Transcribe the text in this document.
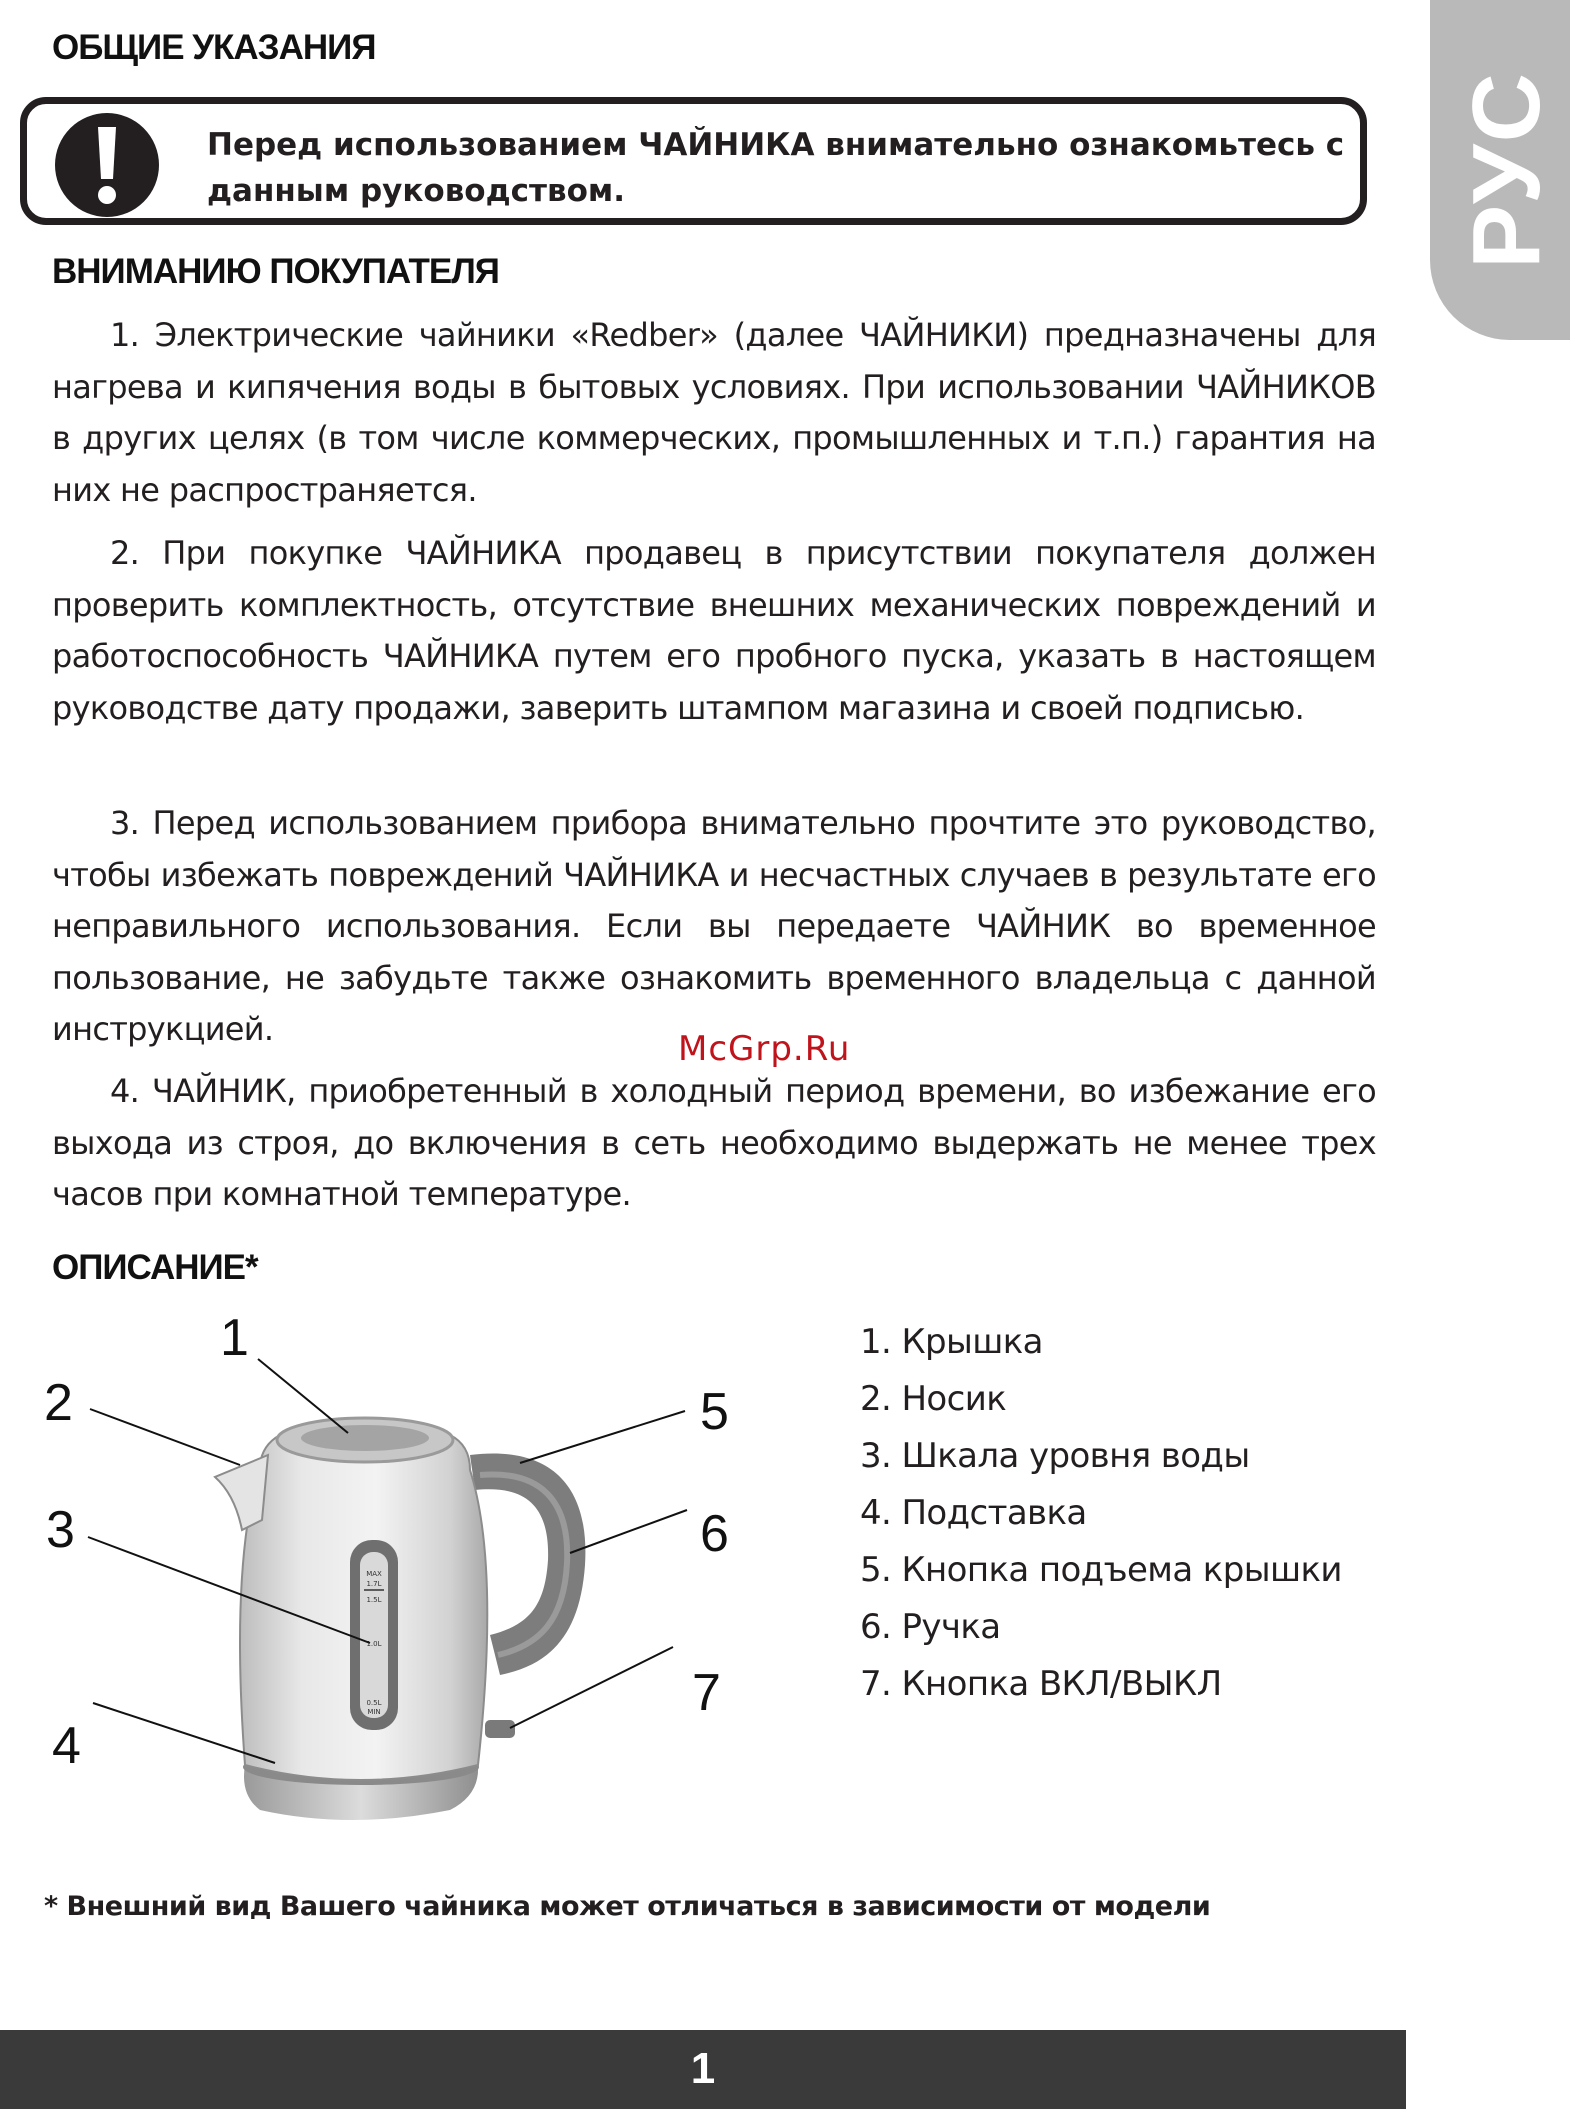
ОБЩИЕ УКАЗАНИЯ
РУС
Перед использованием ЧАЙНИКА внимательно ознакомьтесь с данным руководством.
ВНИМАНИЮ ПОКУПАТЕЛЯ

1. Электрические чайники «Redber» (далее ЧАЙНИКИ) предназначены для нагрева и кипячения воды в бытовых условиях. При использовании ЧАЙНИКОВ в других целях (в том числе коммерческих, промышленных и т.п.) гарантия на них не распространяется.

2. При покупке ЧАЙНИКА продавец в присутствии покупателя должен проверить комплектность, отсутствие внешних механических повреждений и работоспособность ЧАЙНИКА путем его пробного пуска, указать в настоящем руководстве дату продажи, заверить штампом магазина и своей подписью.

3. Перед использованием прибора внимательно прочтите это руководство, чтобы избежать повреждений ЧАЙНИКА и несчастных случаев в результате его неправильного использования. Если вы передаете ЧАЙНИК во временное пользование, не забудьте также ознакомить временного владельца с данной инструкцией.

4. ЧАЙНИК, приобретенный в холодный период времени, во избежание его выхода из строя, до включения в сеть необходимо выдержать не менее трех часов при комнатной температуре.

McGrp.Ru
ОПИСАНИЕ*
MAX
1.7L
1.5L
1.0L
0.5L
MIN
1
2
3
4
5
6
7
1. Крышка
2. Носик
3. Шкала уровня воды
4. Подставка
5. Кнопка подъема крышки
6. Ручка
7. Кнопка ВКЛ/ВЫКЛ
* Внешний вид Вашего чайника может отличаться в зависимости от модели
1
